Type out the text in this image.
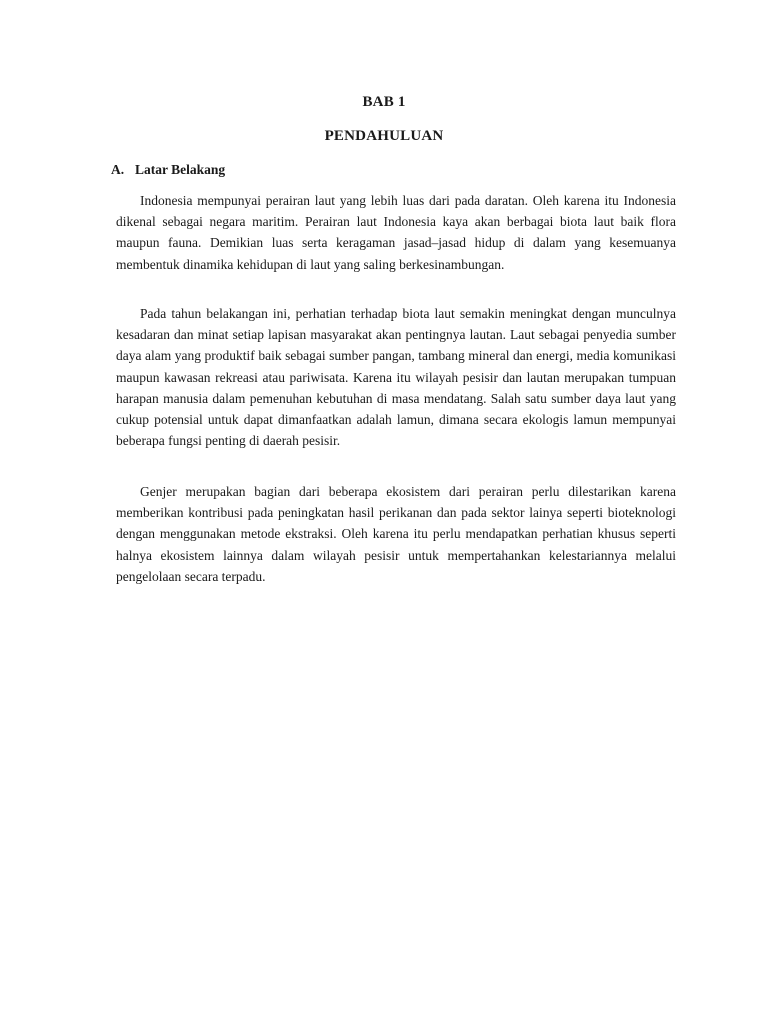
BAB 1
PENDAHULUAN
A. Latar Belakang

Indonesia mempunyai perairan laut yang lebih luas dari pada daratan. Oleh karena itu Indonesia dikenal sebagai negara maritim. Perairan laut Indonesia kaya akan berbagai biota laut baik flora maupun fauna. Demikian luas serta keragaman jasad–jasad hidup di dalam yang kesemuanya membentuk dinamika kehidupan di laut yang saling berkesinambungan.

Pada tahun belakangan ini, perhatian terhadap biota laut semakin meningkat dengan munculnya kesadaran dan minat setiap lapisan masyarakat akan pentingnya lautan. Laut sebagai penyedia sumber daya alam yang produktif baik sebagai sumber pangan, tambang mineral dan energi, media komunikasi maupun kawasan rekreasi atau pariwisata. Karena itu wilayah pesisir dan lautan merupakan tumpuan harapan manusia dalam pemenuhan kebutuhan di masa mendatang. Salah satu sumber daya laut yang cukup potensial untuk dapat dimanfaatkan adalah lamun, dimana secara ekologis lamun mempunyai beberapa fungsi penting di daerah pesisir.

Genjer merupakan bagian dari beberapa ekosistem dari perairan perlu dilestarikan karena memberikan kontribusi pada peningkatan hasil perikanan dan pada sektor lainya seperti bioteknologi dengan menggunakan metode ekstraksi. Oleh karena itu perlu mendapatkan perhatian khusus seperti halnya ekosistem lainnya dalam wilayah pesisir untuk mempertahankan kelestariannya melalui pengelolaan secara terpadu.
